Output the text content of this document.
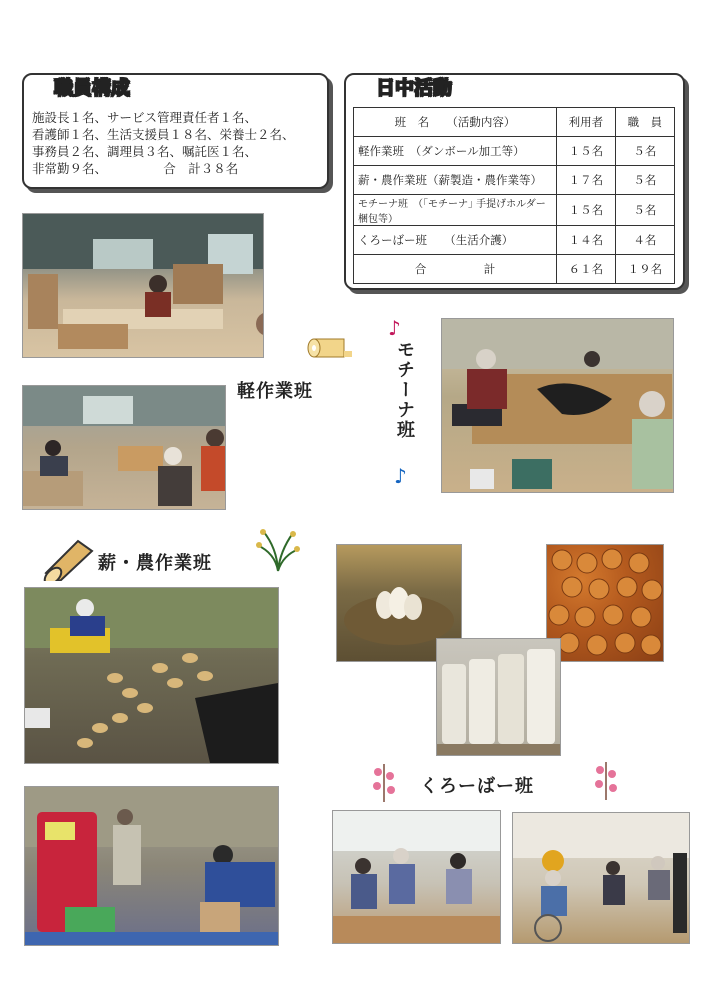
職員構成
施設長１名、サービス管理責任者１名、
看護師１名、生活支援員１８名、栄養士２名、
事務員２名、調理員３名、嘱託医１名、
非常勤９名、　　　　　合　計３８名
日中活動
班　名　　（活動内容）	利用者	職　員
軽作業班　（ダンボール加工等）	１５名	５名
薪・農作業班（薪製造・農作業等）	１７名	５名
モチーナ班　（｢モチーナ｣ 手提げホルダー梱包等）	１５名	５名
くろーばー班　　（生活介護）	１４名	４名
合　　　　　計	６１名	１９名
軽作業班
♪
モチーナ班
♪
薪・農作業班
くろーばー班
